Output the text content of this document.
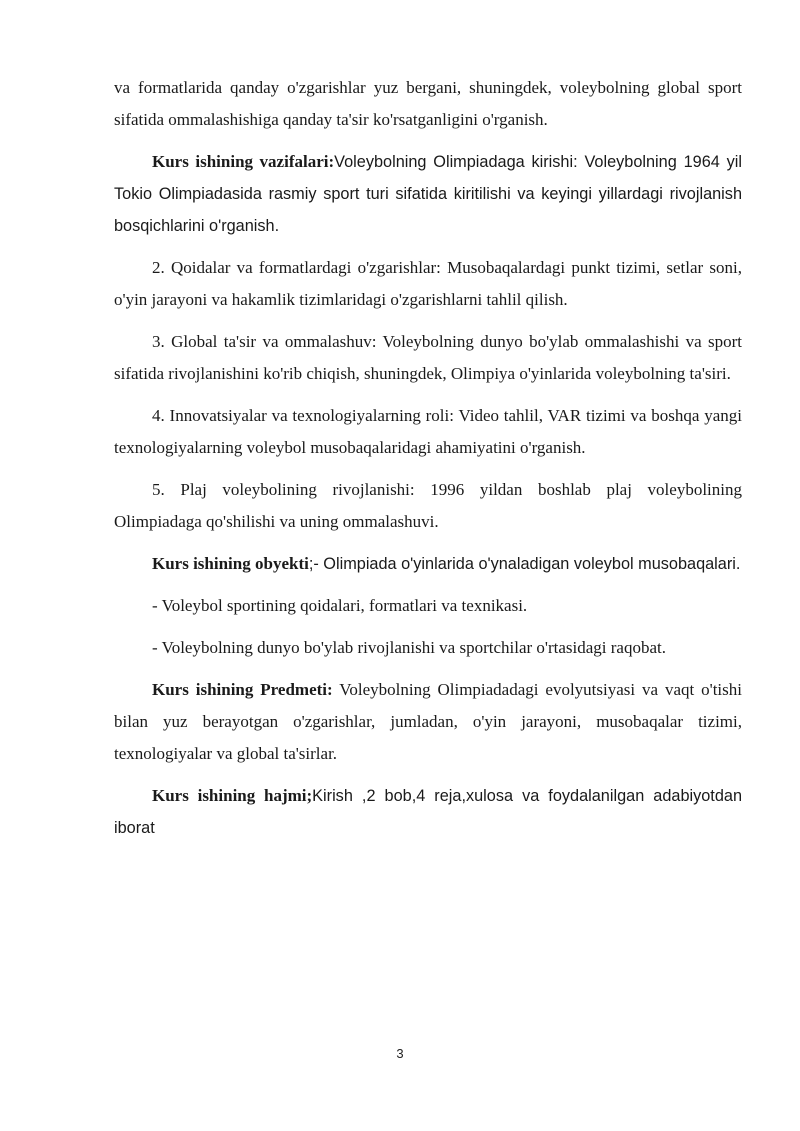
va formatlarida qanday o'zgarishlar yuz bergani, shuningdek, voleybolning global sport sifatida ommalashishiga qanday ta'sir ko'rsatganligini o'rganish.

Kurs ishining vazifalari:Voleybolning Olimpiadaga kirishi: Voleybolning 1964 yil Tokio Olimpiadasida rasmiy sport turi sifatida kiritilishi va keyingi yillardagi rivojlanish bosqichlarini o'rganish.

2. Qoidalar va formatlardagi o'zgarishlar: Musobaqalardagi punkt tizimi, setlar soni, o'yin jarayoni va hakamlik tizimlaridagi o'zgarishlarni tahlil qilish.

3. Global ta'sir va ommalashuv: Voleybolning dunyo bo'ylab ommalashishi va sport sifatida rivojlanishini ko'rib chiqish, shuningdek, Olimpiya o'yinlarida voleybolning ta'siri.

4. Innovatsiyalar va texnologiyalarning roli: Video tahlil, VAR tizimi va boshqa yangi texnologiyalarning voleybol musobaqalaridagi ahamiyatini o'rganish.

5. Plaj voleybolining rivojlanishi: 1996 yildan boshlab plaj voleybolining Olimpiadaga qo'shilishi va uning ommalashuvi.

Kurs ishining obyekti;- Olimpiada o'yinlarida o'ynaladigan voleybol musobaqalari.

- Voleybol sportining qoidalari, formatlari va texnikasi.

- Voleybolning dunyo bo'ylab rivojlanishi va sportchilar o'rtasidagi raqobat.

Kurs ishining Predmeti: Voleybolning Olimpiadadagi evolyutsiyasi va vaqt o'tishi bilan yuz berayotgan o'zgarishlar, jumladan, o'yin jarayoni, musobaqalar tizimi, texnologiyalar va global ta'sirlar.

Kurs ishining hajmi;Kirish ,2 bob,4 reja,xulosa va foydalanilgan adabiyotdan iborat

3
